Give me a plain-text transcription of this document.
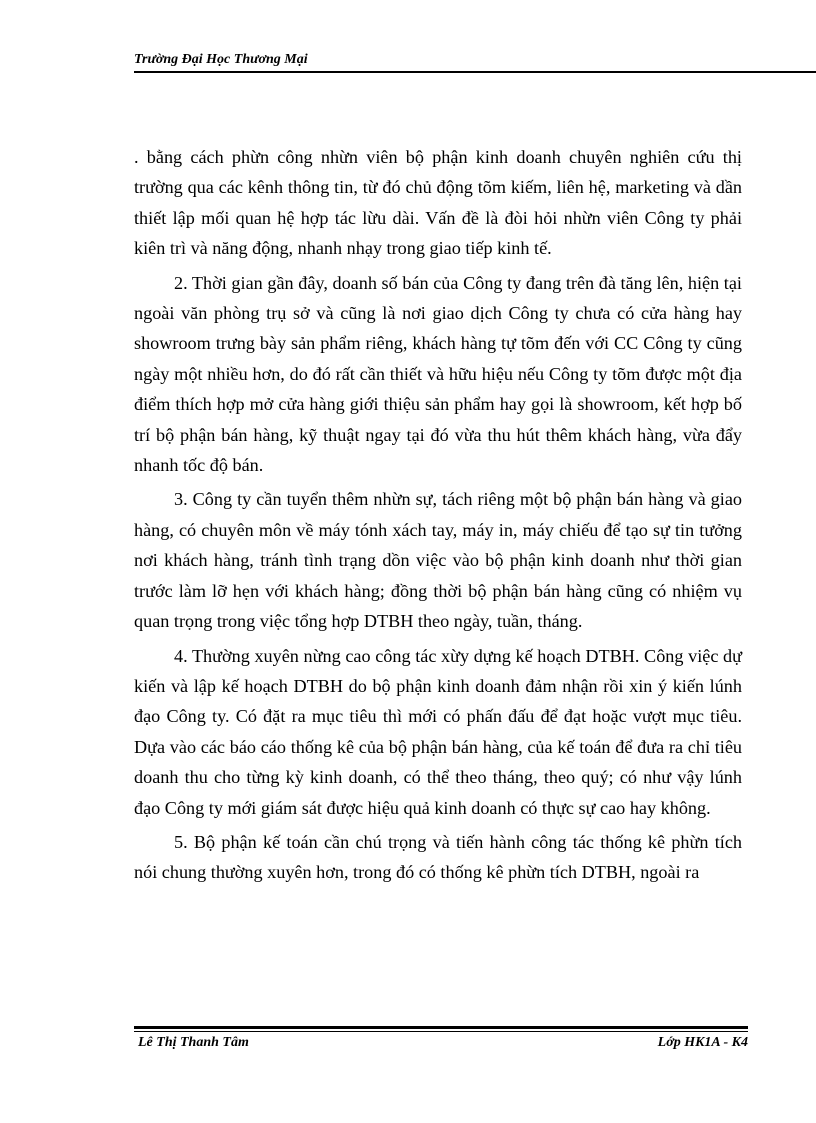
Trường Đại Học Thương Mại

. bằng cách phừn công nhừn viên bộ phận kinh doanh chuyên nghiên cứu thị trường qua các kênh thông tin, từ đó chủ động tõm kiếm, liên hệ, marketing và dần thiết lập mối quan hệ hợp tác lừu dài. Vấn đề là đòi hỏi nhừn viên Công ty phải kiên trì và năng động, nhanh nhạy trong giao tiếp kinh tế.

2. Thời gian gần đây, doanh số bán của Công ty đang trên đà tăng lên, hiện tại ngoài văn phòng trụ sở và cũng là nơi giao dịch Công ty chưa có cửa hàng hay showroom trưng bày sản phẩm riêng, khách hàng tự tõm đến với CC Công ty cũng ngày một nhiều hơn, do đó rất cần thiết và hữu hiệu nếu Công ty tõm được một địa điểm thích hợp mở cửa hàng giới thiệu sản phẩm hay gọi là showroom, kết hợp bố trí bộ phận bán hàng, kỹ thuật ngay tại đó vừa thu hút thêm khách hàng, vừa đẩy nhanh tốc độ bán.

3. Công ty cần tuyển thêm nhừn sự, tách riêng một bộ phận bán hàng và giao hàng, có chuyên môn về máy tónh xách tay, máy in, máy chiếu để tạo sự tin tưởng nơi khách hàng, tránh tình trạng dồn việc vào bộ phận kinh doanh như thời gian trước làm lỡ hẹn với khách hàng; đồng thời bộ phận bán hàng cũng có nhiệm vụ quan trọng trong việc tổng hợp DTBH theo ngày, tuần, tháng.

4. Thường xuyên nừng cao công tác xừy dựng kế hoạch DTBH. Công việc dự kiến và lập kế hoạch DTBH do bộ phận kinh doanh đảm nhận rồi xin ý kiến lúnh đạo Công ty. Có đặt ra mục tiêu thì mới có phấn đấu để đạt hoặc vượt mục tiêu. Dựa vào các báo cáo thống kê của bộ phận bán hàng, của kế toán để đưa ra chỉ tiêu doanh thu cho từng kỳ kinh doanh, có thể theo tháng, theo quý; có như vậy lúnh đạo Công ty mới giám sát được hiệu quả kinh doanh có thực sự cao hay không.

5. Bộ phận kế toán cần chú trọng và tiến hành công tác thống kê phừn tích nói chung thường xuyên hơn, trong đó có thống kê phừn tích DTBH, ngoài ra

Lê Thị Thanh Tâm	Lớp HK1A - K4
